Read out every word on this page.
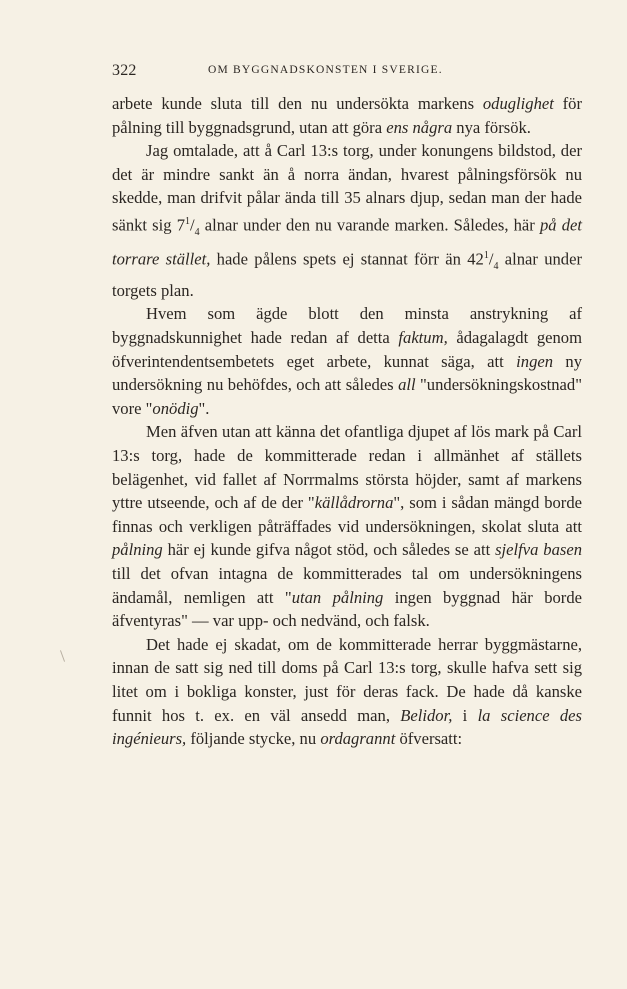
322	OM BYGGNADSKONSTEN I SVERIGE.

arbete kunde sluta till den nu undersökta markens oduglighet för pålning till byggnadsgrund, utan att göra ens några nya försök.

Jag omtalade, att å Carl 13:s torg, under konungens bildstod, der det är mindre sankt än å norra ändan, hvarest pålningsförsök nu skedde, man drifvit pålar ända till 35 alnars djup, sedan man der hade sänkt sig $7^1/_4$ alnar under den nu varande marken. Således, här på det torrare stället, hade pålens spets ej stannat förr än $42^1/_4$ alnar under torgets plan.

Hvem som ägde blott den minsta anstrykning af byggnadskunnighet hade redan af detta faktum, ådagalagdt genom öfverintendentsembetets eget arbete, kunnat säga, att ingen ny undersökning nu behöfdes, och att således all "undersökningskostnad" vore "onödig".

Men äfven utan att känna det ofantliga djupet af lös mark på Carl 13:s torg, hade de kommitterade redan i allmänhet af ställets belägenhet, vid fallet af Norrmalms största höjder, samt af markens yttre utseende, och af de der "källådrorna", som i sådan mängd borde finnas och verkligen påträffades vid undersökningen, skolat sluta att pålning här ej kunde gifva något stöd, och således se att sjelfva basen till det ofvan intagna de kommitterades tal om undersökningens ändamål, nemligen att "utan pålning ingen byggnad här borde äfventyras" — var upp- och nedvänd, och falsk.

Det hade ej skadat, om de kommitterade herrar byggmästarne, innan de satt sig ned till doms på Carl 13:s torg, skulle hafva sett sig litet om i bokliga konster, just för deras fack. De hade då kanske funnit hos t. ex. en väl ansedd man, Belidor, i la science des ingénieurs, följande stycke, nu ordagrannt öfversatt:
